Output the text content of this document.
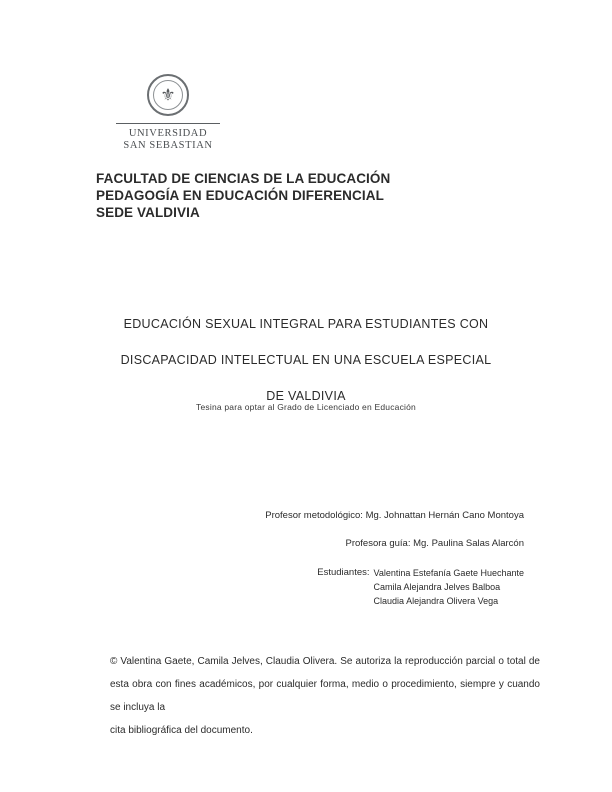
⚜
UNIVERSIDAD
SAN SEBASTIAN
FACULTAD DE CIENCIAS DE LA EDUCACIÓN
PEDAGOGÍA EN EDUCACIÓN DIFERENCIAL
SEDE VALDIVIA
EDUCACIÓN SEXUAL INTEGRAL PARA ESTUDIANTES CON
DISCAPACIDAD INTELECTUAL EN UNA ESCUELA ESPECIAL
DE VALDIVIA
Tesina para optar al Grado de Licenciado en Educación
Profesor metodológico: Mg. Johnattan Hernán Cano Montoya
Profesora guía: Mg. Paulina Salas Alarcón
Estudiantes: Valentina Estefanía Gaete Huechante
Camila Alejandra Jelves Balboa
Claudia Alejandra Olivera Vega
© Valentina Gaete, Camila Jelves, Claudia Olivera. Se autoriza la reproducción parcial o total de esta obra con fines académicos, por cualquier forma, medio o procedimiento, siempre y cuando se incluya la
cita bibliográfica del documento.
